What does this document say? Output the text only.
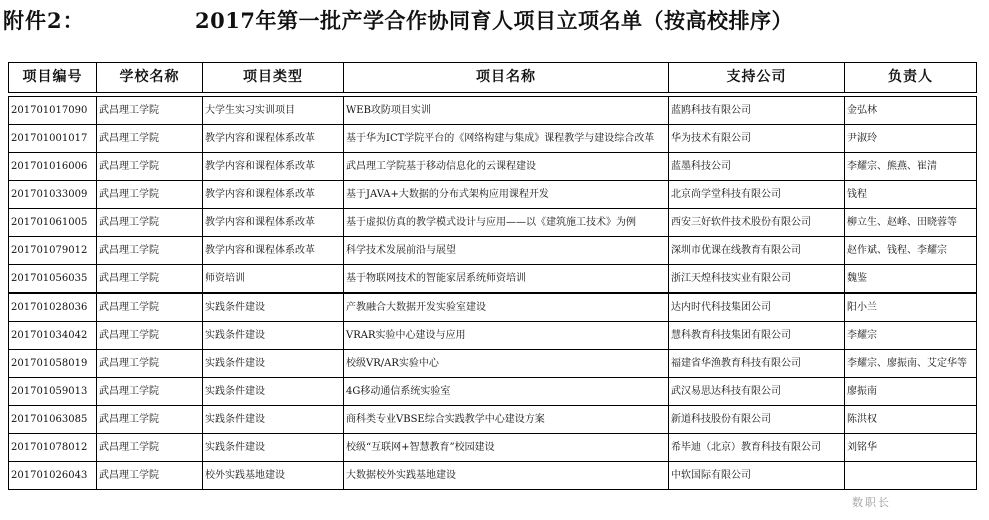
附件2：	2017年第一批产学合作协同育人项目立项名单（按高校排序）
项目编号	学校名称	项目类型	项目名称	支持公司	负责人

201701017090	武昌理工学院	大学生实习实训项目	WEB攻防项目实训	蓝鸥科技有限公司	金弘林
201701001017	武昌理工学院	教学内容和课程体系改革	基于华为ICT学院平台的《网络构建与集成》课程教学与建设综合改革	华为技术有限公司	尹淑玲
201701016006	武昌理工学院	教学内容和课程体系改革	武昌理工学院基于移动信息化的云课程建设	蓝墨科技公司	李耀宗、熊燕、崔清
201701033009	武昌理工学院	教学内容和课程体系改革	基于JAVA+大数据的分布式架构应用课程开发	北京尚学堂科技有限公司	钱程
201701061005	武昌理工学院	教学内容和课程体系改革	基于虚拟仿真的教学模式设计与应用——以《建筑施工技术》为例	西安三好软件技术股份有限公司	柳立生、赵峰、田晓蓉等
201701079012	武昌理工学院	教学内容和课程体系改革	科学技术发展前沿与展望	深圳市优课在线教育有限公司	赵作斌、钱程、李耀宗
201701056035	武昌理工学院	师资培训	基于物联网技术的智能家居系统师资培训	浙江天煌科技实业有限公司	魏鉴
201701028036	武昌理工学院	实践条件建设	产教融合大数据开发实验室建设	达内时代科技集团公司	阳小兰
201701034042	武昌理工学院	实践条件建设	VRAR实验中心建设与应用	慧科教育科技集团有限公司	李耀宗
201701058019	武昌理工学院	实践条件建设	校级VR/AR实验中心	福建省华渔教育科技有限公司	李耀宗、廖振南、艾定华等
201701059013	武昌理工学院	实践条件建设	4G移动通信系统实验室	武汉易思达科技有限公司	廖振南
201701063085	武昌理工学院	实践条件建设	商科类专业VBSE综合实践教学中心建设方案	新道科技股份有限公司	陈洪权
201701078012	武昌理工学院	实践条件建设	校级“互联网+智慧教育”校园建设	希毕迪（北京）教育科技有限公司	刘铭华
201701026043	武昌理工学院	校外实践基地建设	大数据校外实践基地建设	中软国际有限公司	
数职长
